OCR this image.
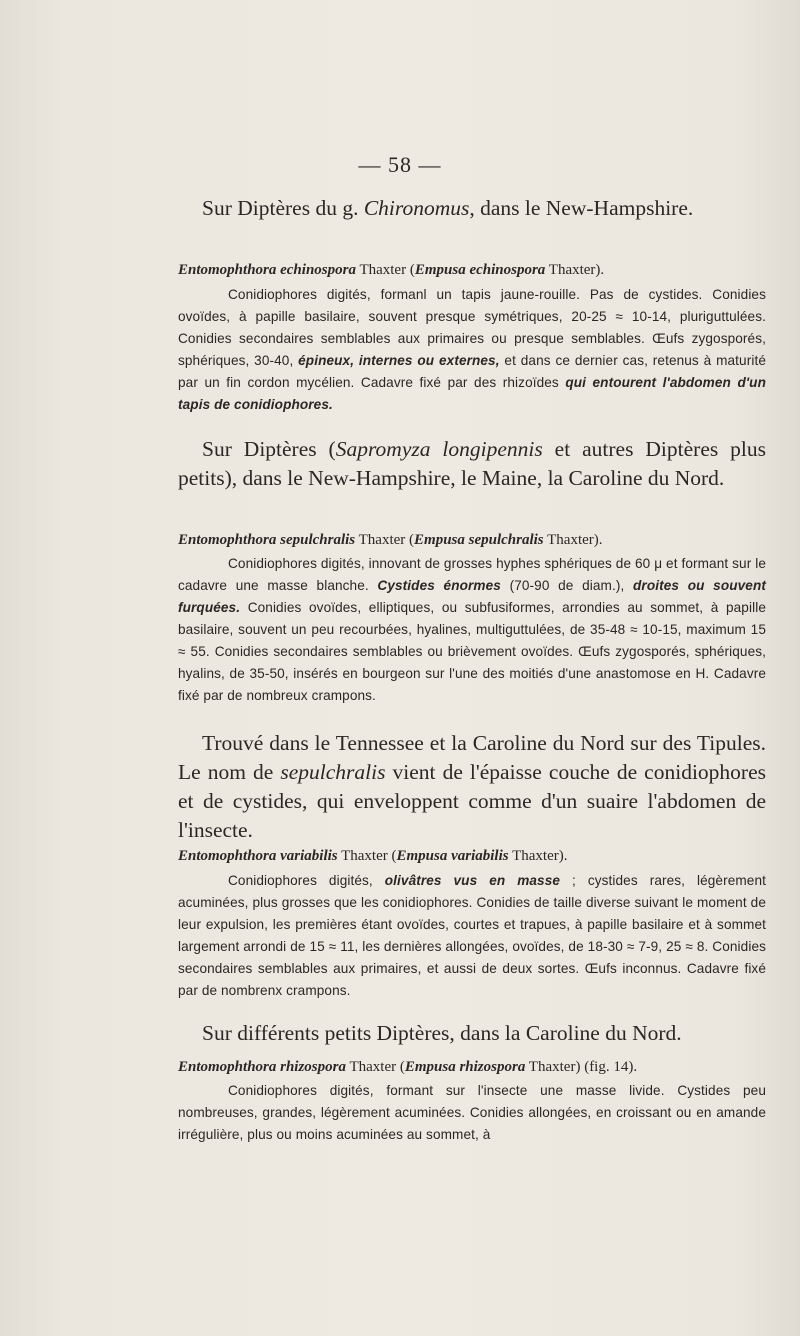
— 58 —
Sur Diptères du g. Chironomus, dans le New-Hampshire.
Entomophthora echinospora Thaxter (Empusa echinospora Thaxter).
Conidiophores digités, formanl un tapis jaune-rouille. Pas de cystides. Conidies ovoïdes, à papille basilaire, souvent presque symétriques, 20-25 ≈ 10-14, pluriguttulées. Conidies secondaires semblables aux primaires ou presque semblables. Œufs zygosporés, sphériques, 30-40, épineux, internes ou externes, et dans ce dernier cas, retenus à maturité par un fin cordon mycélien. Cadavre fixé par des rhizoïdes qui entourent l'abdomen d'un tapis de conidiophores.
Sur Diptères (Sapromyza longipennis et autres Diptères plus petits), dans le New-Hampshire, le Maine, la Caroline du Nord.
Entomophthora sepulchralis Thaxter (Empusa sepulchralis Thaxter).
Conidiophores digités, innovant de grosses hyphes sphériques de 60 μ et formant sur le cadavre une masse blanche. Cystides énormes (70-90 de diam.), droites ou souvent furquées. Conidies ovoïdes, elliptiques, ou subfusiformes, arrondies au sommet, à papille basilaire, souvent un peu recourbées, hyalines, multiguttulées, de 35-48 ≈ 10-15, maximum 15 ≈ 55. Conidies secondaires semblables ou brièvement ovoïdes. Œufs zygosporés, sphériques, hyalins, de 35-50, insérés en bourgeon sur l'une des moitiés d'une anastomose en H. Cadavre fixé par de nombreux crampons.
Trouvé dans le Tennessee et la Caroline du Nord sur des Tipules. Le nom de sepulchralis vient de l'épaisse couche de conidiophores et de cystides, qui enveloppent comme d'un suaire l'abdomen de l'insecte.
Entomophthora variabilis Thaxter (Empusa variabilis Thaxter).
Conidiophores digités, olivâtres vus en masse ; cystides rares, légèrement acuminées, plus grosses que les conidiophores. Conidies de taille diverse suivant le moment de leur expulsion, les premières étant ovoïdes, courtes et trapues, à papille basilaire et à sommet largement arrondi de 15 ≈ 11, les dernières allongées, ovoïdes, de 18-30 ≈ 7-9, 25 ≈ 8. Conidies secondaires semblables aux primaires, et aussi de deux sortes. Œufs inconnus. Cadavre fixé par de nombrenx crampons.
Sur différents petits Diptères, dans la Caroline du Nord.
Entomophthora rhizospora Thaxter (Empusa rhizospora Thaxter) (fig. 14).
Conidiophores digités, formant sur l'insecte une masse livide. Cystides peu nombreuses, grandes, légèrement acuminées. Conidies allongées, en croissant ou en amande irrégulière, plus ou moins acuminées au sommet, à
